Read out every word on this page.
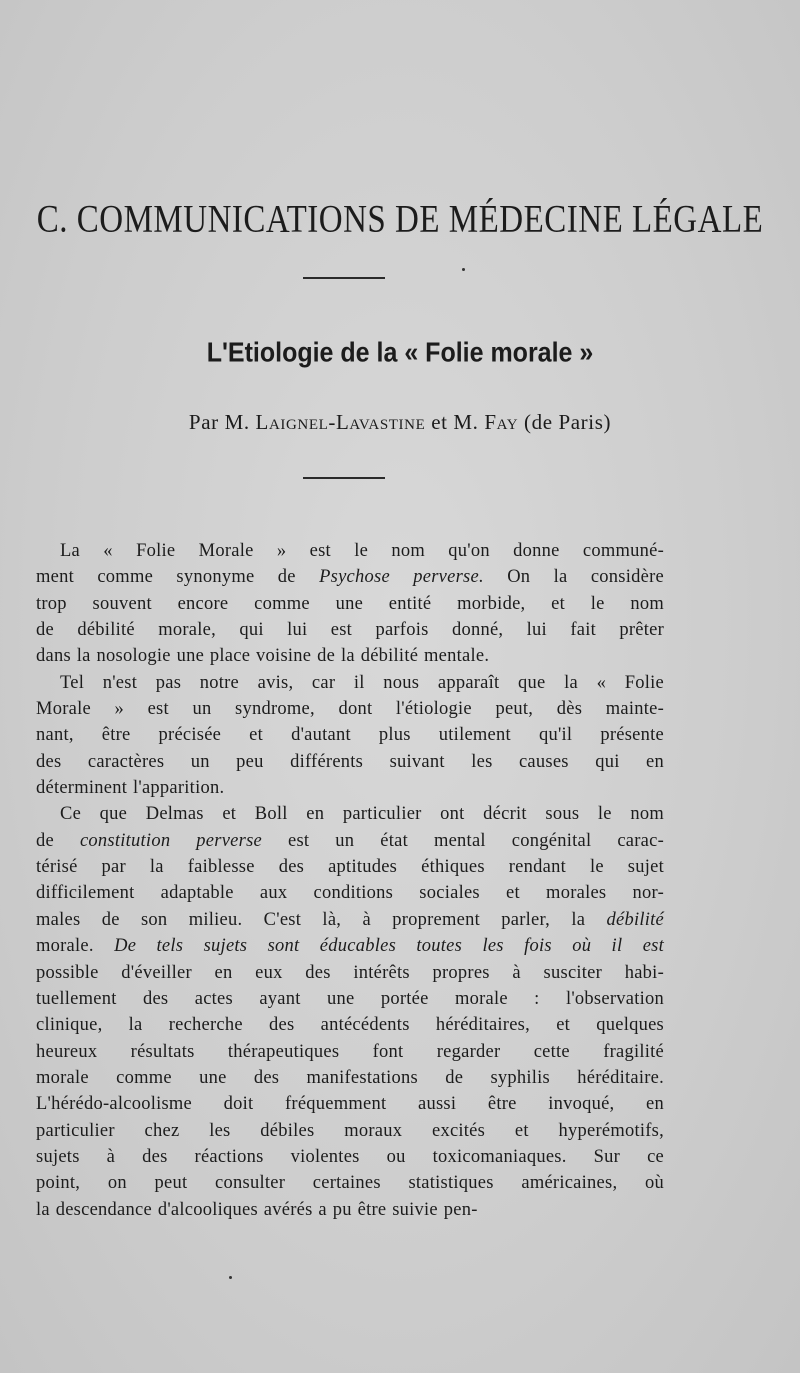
C. COMMUNICATIONS DE MÉDECINE LÉGALE
L'Etiologie de la « Folie morale »
Par M. Laignel-Lavastine et M. Fay (de Paris)
La « Folie Morale » est le nom qu'on donne communé-
ment comme synonyme de Psychose perverse. On la considère
trop souvent encore comme une entité morbide, et le nom
de débilité morale, qui lui est parfois donné, lui fait prêter
dans la nosologie une place voisine de la débilité mentale.
Tel n'est pas notre avis, car il nous apparaît que la « Folie
Morale » est un syndrome, dont l'étiologie peut, dès mainte-
nant, être précisée et d'autant plus utilement qu'il présente
des caractères un peu différents suivant les causes qui en
déterminent l'apparition.
Ce que Delmas et Boll en particulier ont décrit sous le nom
de constitution perverse est un état mental congénital carac-
térisé par la faiblesse des aptitudes éthiques rendant le sujet
difficilement adaptable aux conditions sociales et morales nor-
males de son milieu. C'est là, à proprement parler, la débilité
morale. De tels sujets sont éducables toutes les fois où il est
possible d'éveiller en eux des intérêts propres à susciter habi-
tuellement des actes ayant une portée morale : l'observation
clinique, la recherche des antécédents héréditaires, et quelques
heureux résultats thérapeutiques font regarder cette fragilité
morale comme une des manifestations de syphilis héréditaire.
L'hérédo-alcoolisme doit fréquemment aussi être invoqué, en
particulier chez les débiles moraux excités et hyperémotifs,
sujets à des réactions violentes ou toxicomaniaques. Sur ce
point, on peut consulter certaines statistiques américaines, où
la descendance d'alcooliques avérés a pu être suivie pen-
